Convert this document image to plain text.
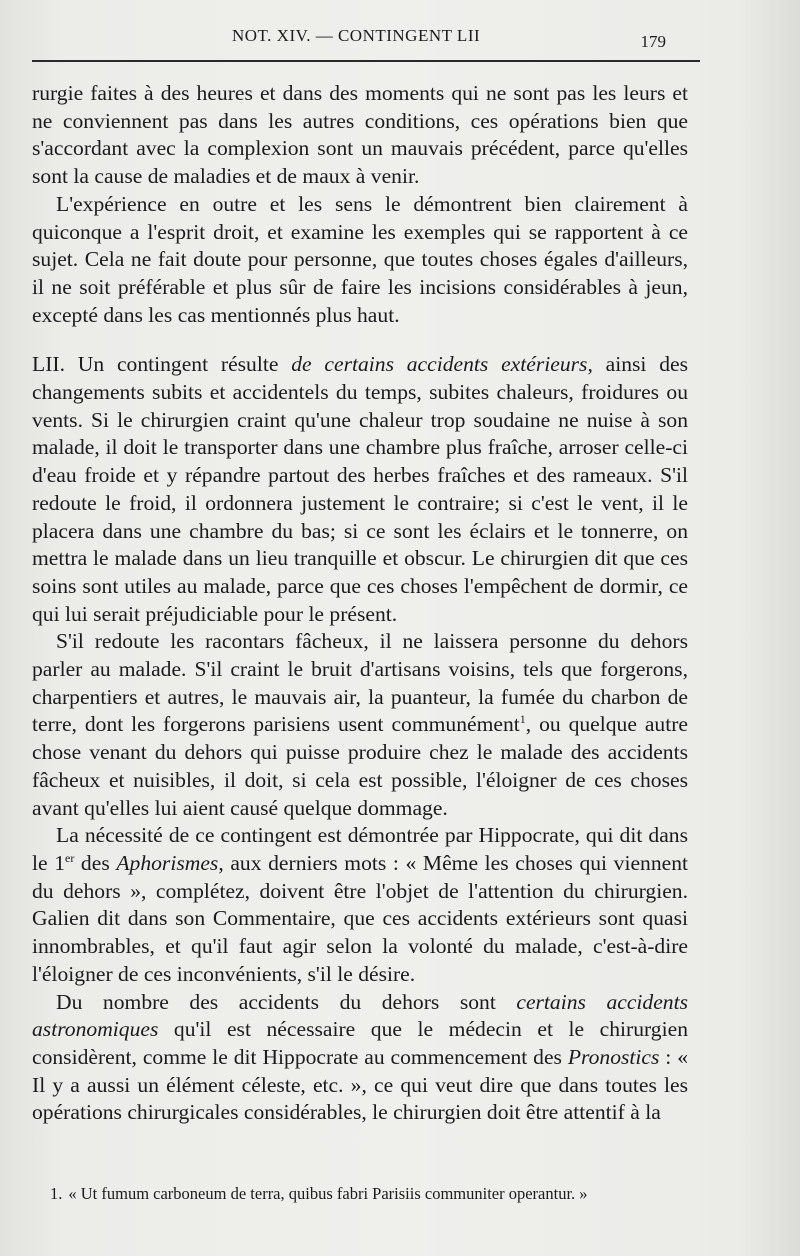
NOT. XIV. — CONTINGENT LII	179

rurgie faites à des heures et dans des moments qui ne sont pas les leurs et ne conviennent pas dans les autres conditions, ces opérations bien que s'accordant avec la complexion sont un mauvais précédent, parce qu'elles sont la cause de maladies et de maux à venir.

L'expérience en outre et les sens le démontrent bien clairement à quiconque a l'esprit droit, et examine les exemples qui se rapportent à ce sujet. Cela ne fait doute pour personne, que toutes choses égales d'ailleurs, il ne soit préférable et plus sûr de faire les incisions considérables à jeun, excepté dans les cas mentionnés plus haut.

LII. Un contingent résulte de certains accidents extérieurs, ainsi des changements subits et accidentels du temps, subites chaleurs, froidures ou vents. Si le chirurgien craint qu'une chaleur trop soudaine ne nuise à son malade, il doit le transporter dans une chambre plus fraîche, arroser celle-ci d'eau froide et y répandre partout des herbes fraîches et des rameaux. S'il redoute le froid, il ordonnera justement le contraire; si c'est le vent, il le placera dans une chambre du bas; si ce sont les éclairs et le tonnerre, on mettra le malade dans un lieu tranquille et obscur. Le chirurgien dit que ces soins sont utiles au malade, parce que ces choses l'empêchent de dormir, ce qui lui serait préjudiciable pour le présent.

S'il redoute les racontars fâcheux, il ne laissera personne du dehors parler au malade. S'il craint le bruit d'artisans voisins, tels que forgerons, charpentiers et autres, le mauvais air, la puanteur, la fumée du charbon de terre, dont les forgerons parisiens usent communément$^1$, ou quelque autre chose venant du dehors qui puisse produire chez le malade des accidents fâcheux et nuisibles, il doit, si cela est possible, l'éloigner de ces choses avant qu'elles lui aient causé quelque dommage.

La nécessité de ce contingent est démontrée par Hippocrate, qui dit dans le 1er des Aphorismes, aux derniers mots : « Même les choses qui viennent du dehors », complétez, doivent être l'objet de l'attention du chirurgien. Galien dit dans son Commentaire, que ces accidents extérieurs sont quasi innombrables, et qu'il faut agir selon la volonté du malade, c'est-à-dire l'éloigner de ces inconvénients, s'il le désire.

Du nombre des accidents du dehors sont certains accidents astronomiques qu'il est nécessaire que le médecin et le chirurgien considèrent, comme le dit Hippocrate au commencement des Pronostics : « Il y a aussi un élément céleste, etc. », ce qui veut dire que dans toutes les opérations chirurgicales considérables, le chirurgien doit être attentif à la

1. « Ut fumum carboneum de terra, quibus fabri Parisiis communiter operantur. »
